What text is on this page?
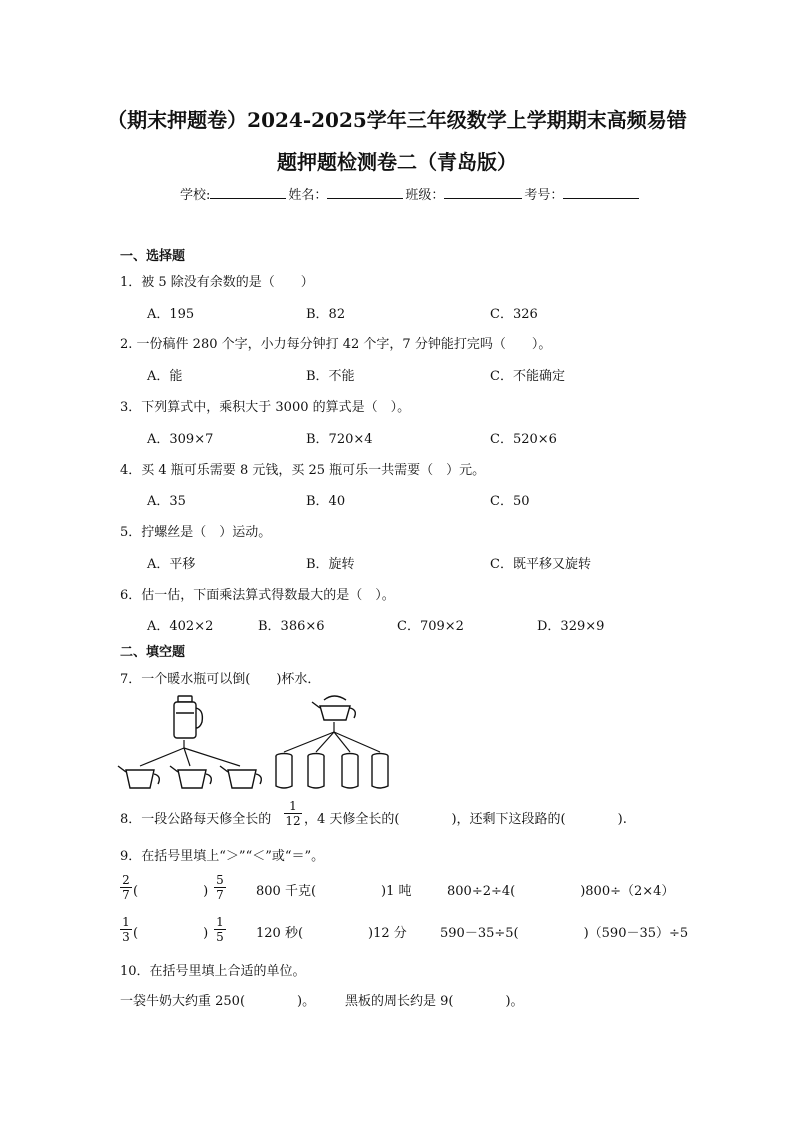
（期末押题卷）2024-2025学年三年级数学上学期期末高频易错
题押题检测卷二（青岛版）
学校:	姓名：	班级：	考号：
一、选择题
1．被 5 除没有余数的是（　　）
A．195	B．82	C．326
2. 一份稿件 280 个字，小力每分钟打 42 个字，7 分钟能打完吗（　　）。
A．能	B．不能	C．不能确定
3．下列算式中，乘积大于 3000 的算式是（　）。
A．309×7	B．720×4	C．520×6
4．买 4 瓶可乐需要 8 元钱，买 25 瓶可乐一共需要（　）元。
A．35	B．40	C．50
5．拧螺丝是（　）运动。
A．平移	B．旋转	C．既平移又旋转
6．估一估，下面乘法算式得数最大的是（　）。
A．402×2	B．386×6	C．709×2	D．329×9
二、填空题
7．一个暖水瓶可以倒(　　)杯水．
8．一段公路每天修全长的 $\frac{1}{12}$ ，4 天修全长的(　　　　)，还剩下这段路的(　　　　).
9．在括号里填上“＞”“＜”或“＝”。
$\frac{2}{7}$ (　　　　　) $\frac{5}{7} 800$ 千克(　　　　　)1 吨	800÷2÷4(　　　　　)800÷（2×4）
$\frac{1}{3}$ (　　　　　) $\frac{1}{5} 120$ 秒(　　　　　)12 分	590－35÷5(　　　　　)（590－35）÷5
10．在括号里填上合适的单位。
一袋牛奶大约重 250(　　　　)。 黑板的周长约是 9(　　　　)。
